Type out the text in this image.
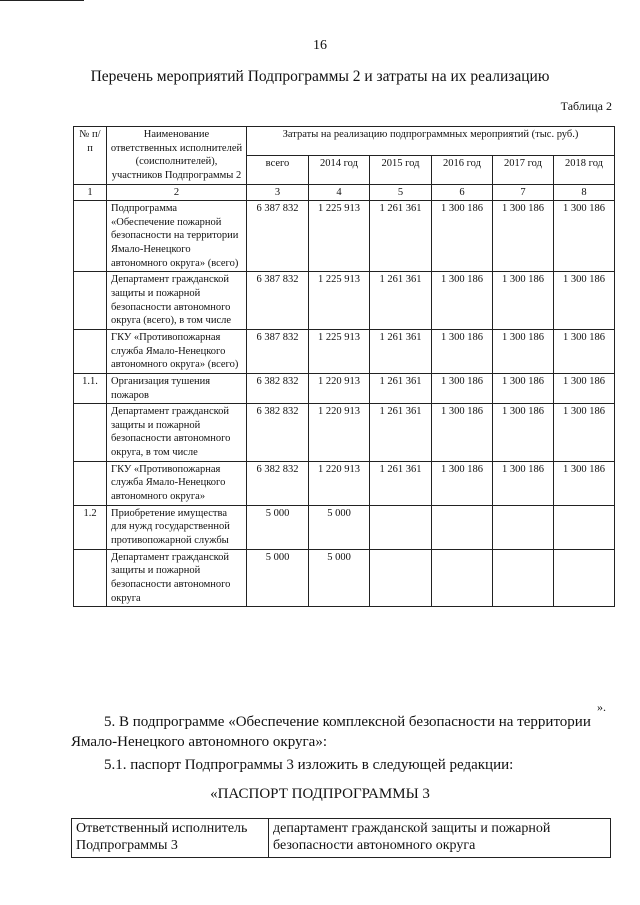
16
Перечень мероприятий Подпрограммы 2 и затраты на их реализацию
Таблица 2
№ п/п	Наименование ответственных исполнителей (соисполнителей), участников Подпрограммы 2	Затраты на реализацию подпрограммных мероприятий (тыс. руб.)					
		всего	2014 год	2015 год	2016 год	2017 год	2018 год
1	2	3	4	5	6	7	8
	Подпрограмма «Обеспечение пожарной безопасности на территории Ямало-Ненецкого автономного округа» (всего)	6 387 832	1 225 913	1 261 361	1 300 186	1 300 186	1 300 186
	Департамент гражданской защиты и пожарной безопасности автономного округа (всего), в том числе	6 387 832	1 225 913	1 261 361	1 300 186	1 300 186	1 300 186
	ГКУ «Противопожарная служба Ямало-Ненецкого автономного округа» (всего)	6 387 832	1 225 913	1 261 361	1 300 186	1 300 186	1 300 186
1.1.	Организация тушения пожаров	6 382 832	1 220 913	1 261 361	1 300 186	1 300 186	1 300 186
	Департамент гражданской защиты и пожарной безопасности автономного округа, в том числе	6 382 832	1 220 913	1 261 361	1 300 186	1 300 186	1 300 186
	ГКУ «Противопожарная служба Ямало-Ненецкого автономного округа»	6 382 832	1 220 913	1 261 361	1 300 186	1 300 186	1 300 186
1.2	Приобретение имущества для нужд государственной противопожарной службы	5 000	5 000				
	Департамент гражданской защиты и пожарной безопасности автономного округа	5 000	5 000				
».
5. В подпрограмме «Обеспечение комплексной безопасности на территории
Ямало-Ненецкого автономного округа»:
5.1. паспорт Подпрограммы 3 изложить в следующей редакции:
«ПАСПОРТ ПОДПРОГРАММЫ 3
Ответственный исполнитель Подпрограммы 3	департамент гражданской защиты и пожарной безопасности автономного округа
